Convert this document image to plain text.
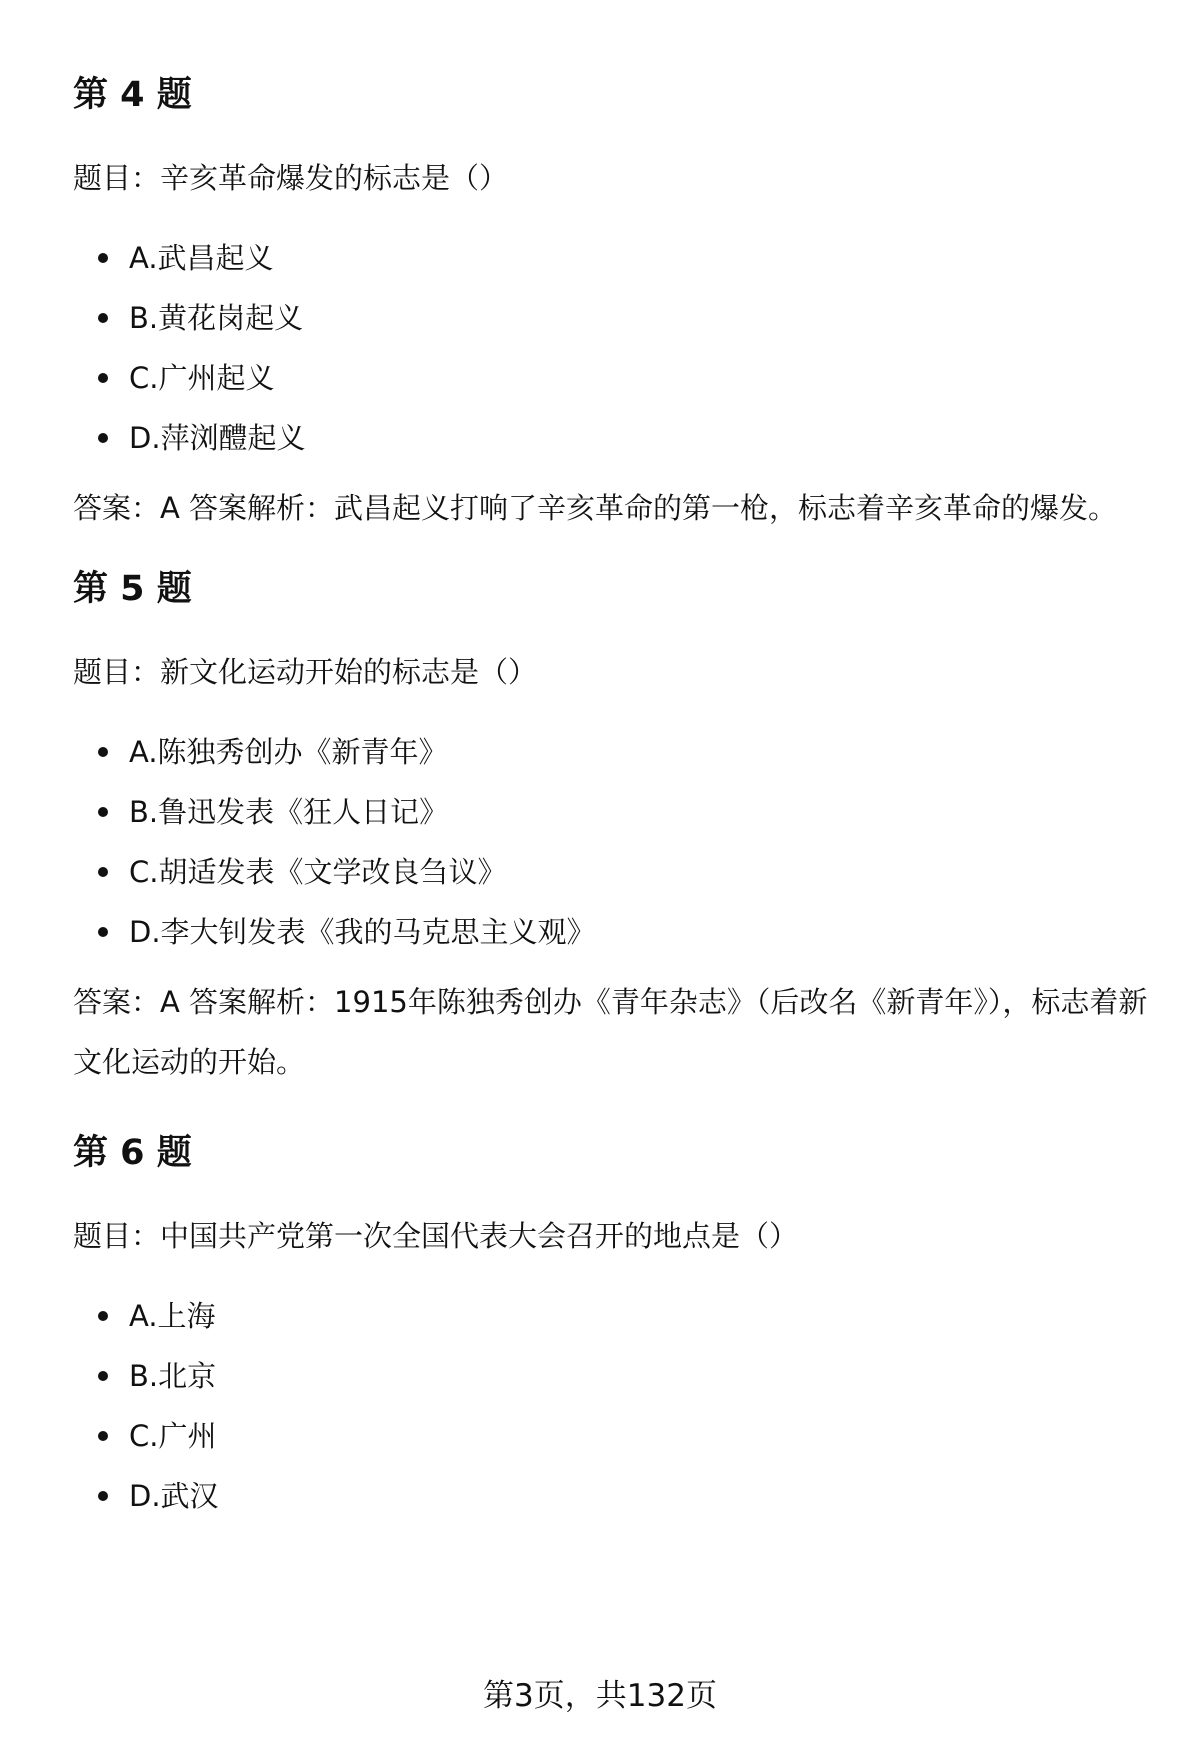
第 4 题

题目：辛亥革命爆发的标志是（）

A.武昌起义
B.黄花岗起义
C.广州起义
D.萍浏醴起义

答案：A 答案解析：武昌起义打响了辛亥革命的第一枪，标志着辛亥革命的爆发。

第 5 题

题目：新文化运动开始的标志是（）

A.陈独秀创办《新青年》
B.鲁迅发表《狂人日记》
C.胡适发表《文学改良刍议》
D.李大钊发表《我的马克思主义观》

答案：A 答案解析：1915年陈独秀创办《青年杂志》（后改名《新青年》），标志着新文化运动的开始。

第 6 题

题目：中国共产党第一次全国代表大会召开的地点是（）

A.上海
B.北京
C.广州
D.武汉
第3页，共132页
